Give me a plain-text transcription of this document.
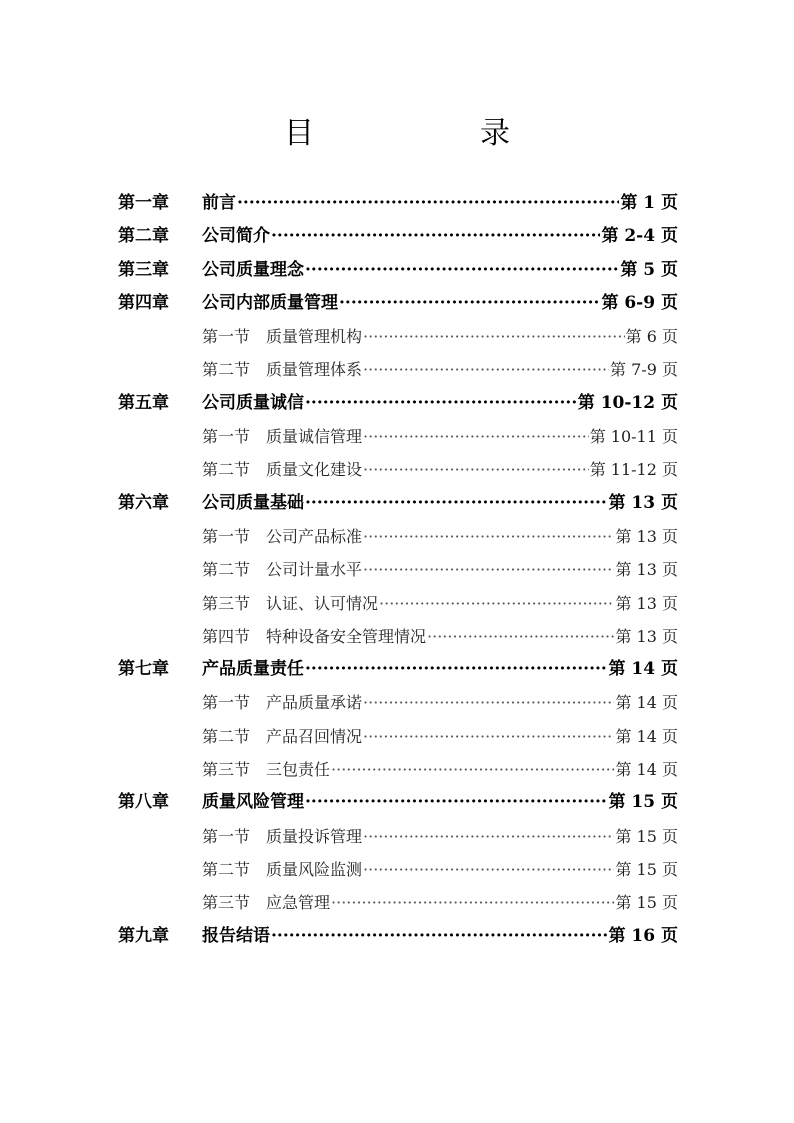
目　录
第一章	前言 ·····	第 1 页
第二章	公司简介 ·····	第 2-4 页
第三章	公司质量理念 ·····	第 5 页
第四章	公司内部质量管理 ·····	第 6-9 页
第一节 质量管理机构 ·····	第 6 页
第二节 质量管理体系 ·····	第 7-9 页
第五章	公司质量诚信 ·····	第 10-12 页
第一节 质量诚信管理 ·····	第 10-11 页
第二节 质量文化建设 ·····	第 11-12 页
第六章	公司质量基础 ·····	第 13 页
第一节 公司产品标准 ·····	第 13 页
第二节 公司计量水平 ·····	第 13 页
第三节 认证、认可情况 ·····	第 13 页
第四节 特种设备安全管理情况 ·····	第 13 页
第七章	产品质量责任 ·····	第 14 页
第一节 产品质量承诺 ·····	第 14 页
第二节 产品召回情况 ·····	第 14 页
第三节 三包责任 ·····	第 14 页
第八章	质量风险管理 ·····	第 15 页
第一节 质量投诉管理 ·····	第 15 页
第二节 质量风险监测 ·····	第 15 页
第三节 应急管理 ·····	第 15 页
第九章	报告结语 ·····	第 16 页
